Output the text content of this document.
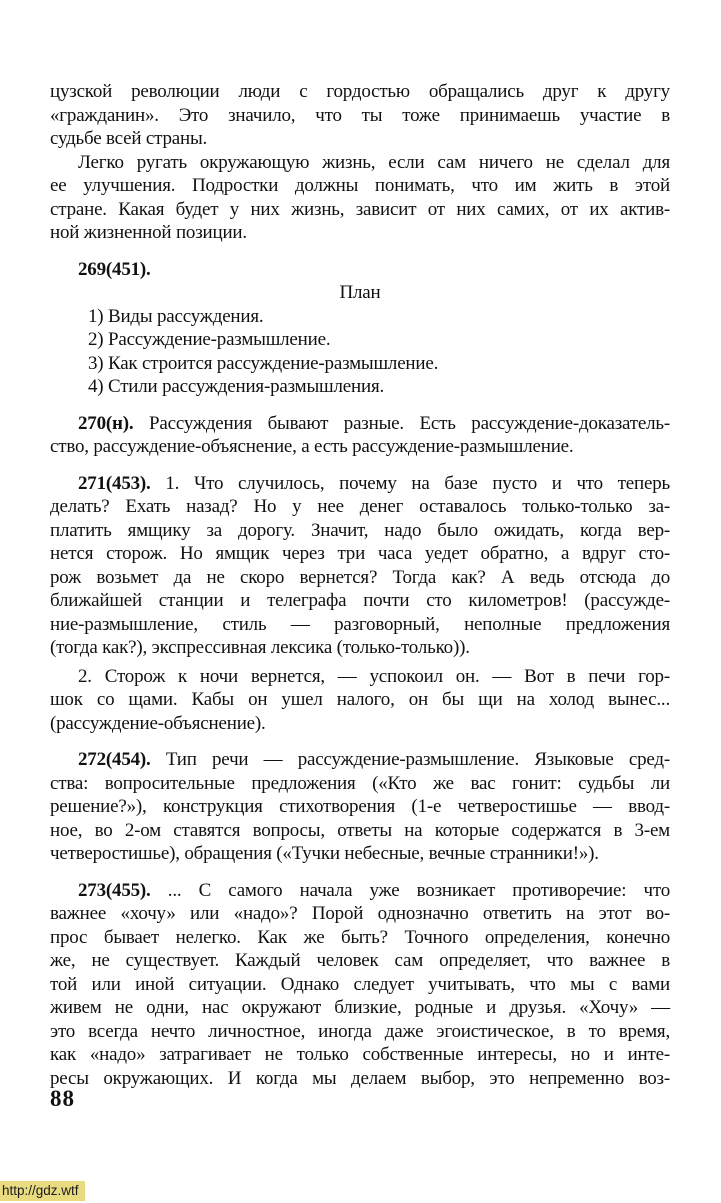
цузской революции люди с гордостью обращались друг к другу
«гражданин». Это значило, что ты тоже принимаешь участие в
судьбе всей страны.
Легко ругать окружающую жизнь, если сам ничего не сделал для
ее улучшения. Подростки должны понимать, что им жить в этой
стране. Какая будет у них жизнь, зависит от них самих, от их актив-
ной жизненной позиции.
269(451).
План
1) Виды рассуждения.
2) Рассуждение-размышление.
3) Как строится рассуждение-размышление.
4) Стили рассуждения-размышления.
270(н). Рассуждения бывают разные. Есть рассуждение-доказатель-
ство, рассуждение-объяснение, а есть рассуждение-размышление.
271(453). 1. Что случилось, почему на базе пусто и что теперь
делать? Ехать назад? Но у нее денег оставалось только-только за-
платить ямщику за дорогу. Значит, надо было ожидать, когда вер-
нется сторож. Но ямщик через три часа уедет обратно, а вдруг сто-
рож возьмет да не скоро вернется? Тогда как? А ведь отсюда до
ближайшей станции и телеграфа почти сто километров! (рассужде-
ние-размышление, стиль — разговорный, неполные предложения
(тогда как?), экспрессивная лексика (только-только)).
2. Сторож к ночи вернется, — успокоил он. — Вот в печи гор-
шок со щами. Кабы он ушел налого, он бы щи на холод вынес...
(рассуждение-объяснение).
272(454). Тип речи — рассуждение-размышление. Языковые сред-
ства: вопросительные предложения («Кто же вас гонит: судьбы ли
решение?»), конструкция стихотворения (1-е четверостишье — ввод-
ное, во 2-ом ставятся вопросы, ответы на которые содержатся в 3-ем
четверостишье), обращения («Тучки небесные, вечные странники!»).
273(455). ... С самого начала уже возникает противоречие: что
важнее «хочу» или «надо»? Порой однозначно ответить на этот во-
прос бывает нелегко. Как же быть? Точного определения, конечно
же, не существует. Каждый человек сам определяет, что важнее в
той или иной ситуации. Однако следует учитывать, что мы с вами
живем не одни, нас окружают близкие, родные и друзья. «Хочу» —
это всегда нечто личностное, иногда даже эгоистическое, в то время,
как «надо» затрагивает не только собственные интересы, но и инте-
ресы окружающих. И когда мы делаем выбор, это непременно воз-
88
http://gdz.wtf
